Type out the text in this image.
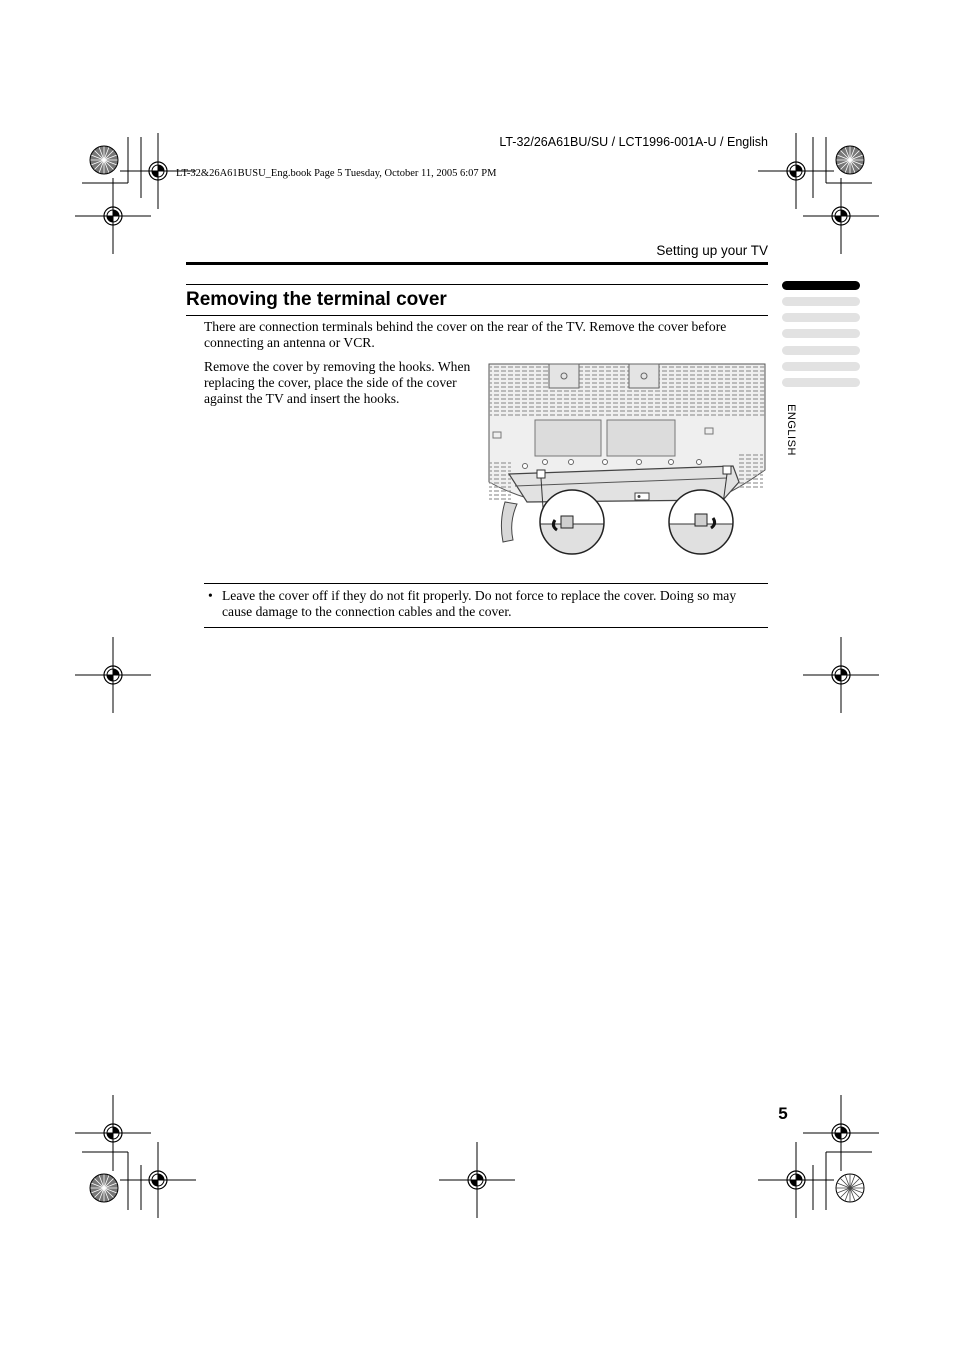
LT-32/26A61BU/SU / LCT1996-001A-U / English
LT-32&26A61BUSU_Eng.book Page 5 Tuesday, October 11, 2005 6:07 PM
Setting up your TV
Removing the terminal cover
There are connection terminals behind the cover on the rear of the TV. Remove the cover before connecting an antenna or VCR.
Remove the cover by removing the hooks. When replacing the cover, place the side of the cover against the TV and insert the hooks.
• Leave the cover off if they do not fit properly. Do not force to replace the cover. Doing so may cause damage to the connection cables and the cover.
ENGLISH
5
